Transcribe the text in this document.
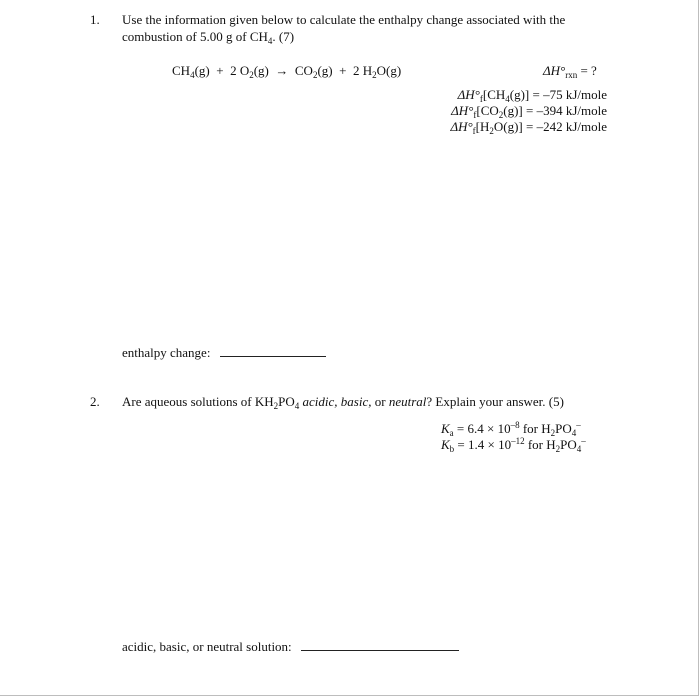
1. Use the information given below to calculate the enthalpy change associated with the
combustion of 5.00 g of $CH_4$. (7)
$CH_4(g) + 2$ $O_2(g) \to CO_2(g) + 2$ $H_2O(g)$	$\Delta H^\circ_{rxn}$ = ?
$\Delta H^\circ_f[CH_4(g)] = -75$ kJ/mole
$\Delta H^\circ_f[CO_2(g)] = -394$ kJ/mole
$\Delta H^\circ_f[H_2O(g)] = -242$ kJ/mole
enthalpy change:
2. Are aqueous solutions of $KH_2PO_4$ acidic, basic, or neutral? Explain your answer. (5)
$K_a = 6.4 \times 10^{-8}$ for $H_2PO_4^-$
$K_b = 1.4 \times 10^{-12}$ for $H_2PO_4^-$
acidic, basic, or neutral solution:
